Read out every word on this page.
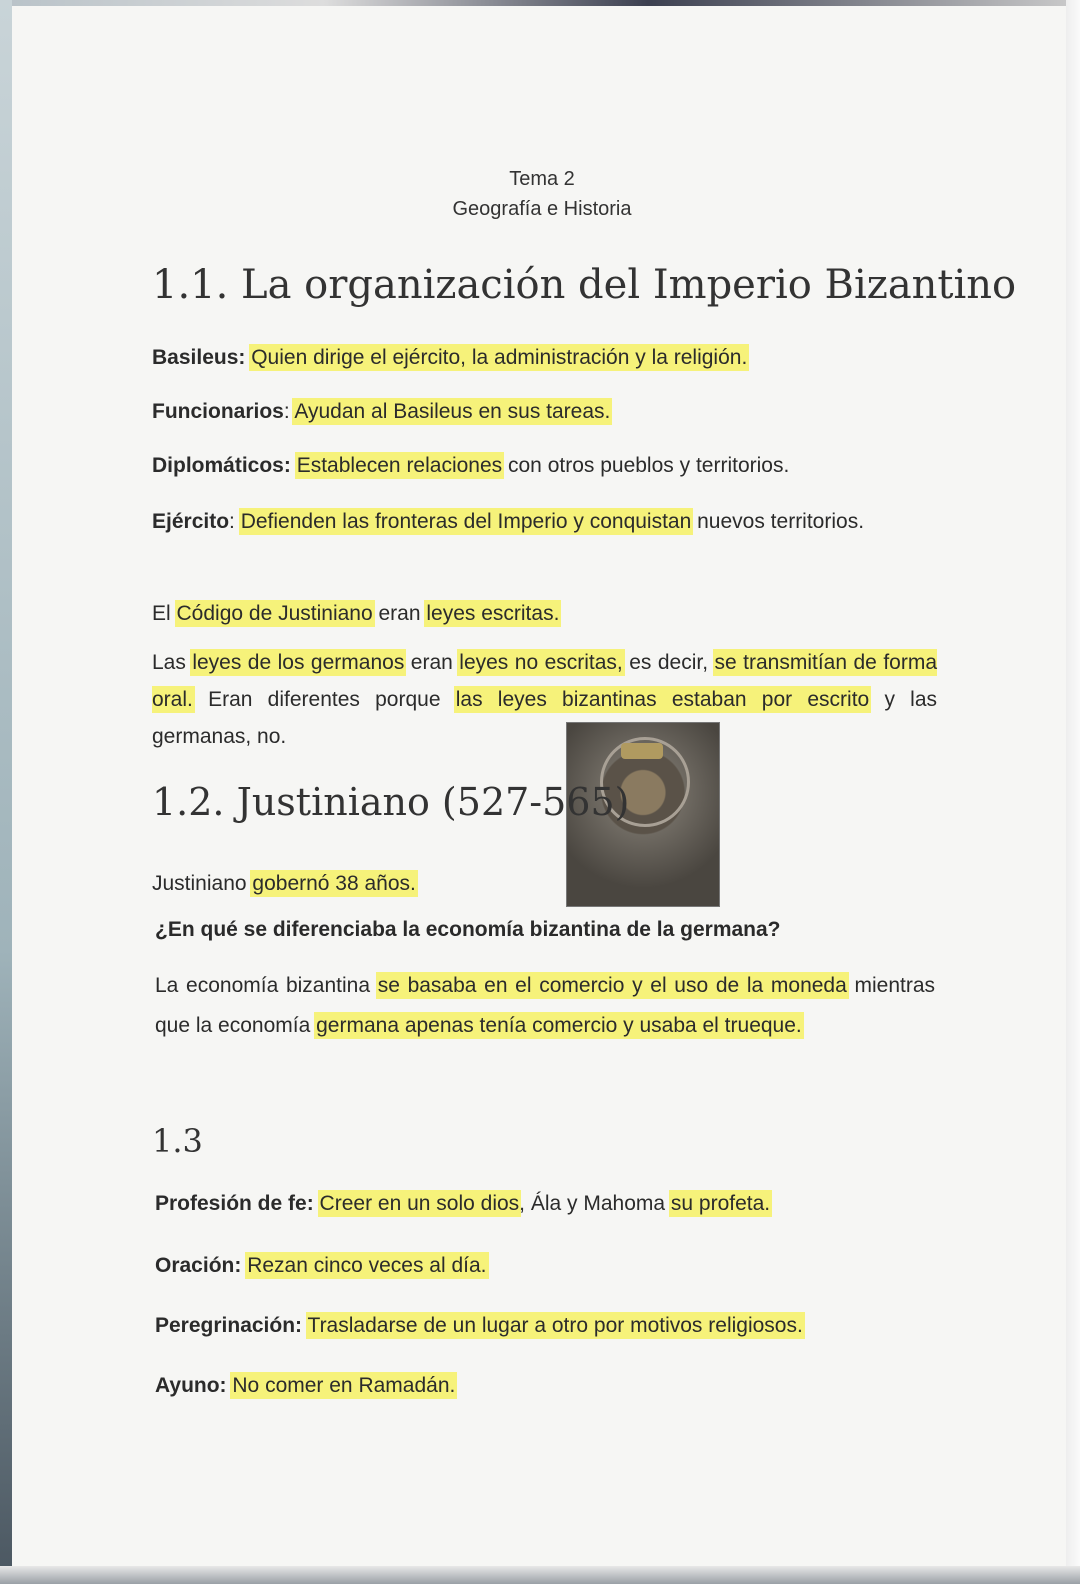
Tema 2
Geografía e Historia
1.1. La organización del Imperio Bizantino
Basileus: Quien dirige el ejército, la administración y la religión.
Funcionarios: Ayudan al Basileus en sus tareas.
Diplomáticos: Establecen relaciones con otros pueblos y territorios.
Ejército: Defienden las fronteras del Imperio y conquistan nuevos territorios.
El Código de Justiniano eran leyes escritas.
Las leyes de los germanos eran leyes no escritas, es decir, se transmitían de forma oral. Eran diferentes porque las leyes bizantinas estaban por escrito y las germanas, no.
1.2. Justiniano (527-565)
Justiniano gobernó 38 años.
¿En qué se diferenciaba la economía bizantina de la germana?
La economía bizantina se basaba en el comercio y el uso de la moneda mientras que la economía germana apenas tenía comercio y usaba el trueque.
1.3
Profesión de fe: Creer en un solo dios, Ála y Mahoma su profeta.
Oración: Rezan cinco veces al día.
Peregrinación: Trasladarse de un lugar a otro por motivos religiosos.
Ayuno: No comer en Ramadán.
